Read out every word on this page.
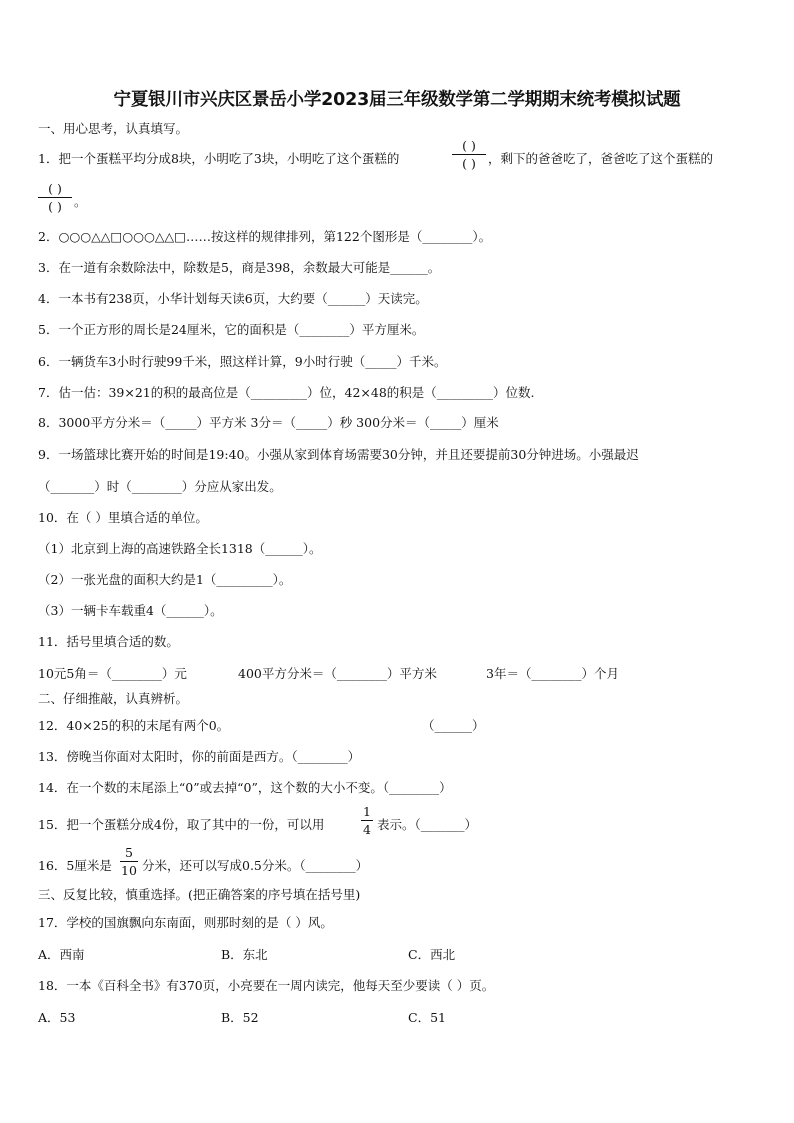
宁夏银川市兴庆区景岳小学2023届三年级数学第二学期期末统考模拟试题
一、用心思考，认真填写。
1．把一个蛋糕平均分成8块，小明吃了3块，小明吃了这个蛋糕的
( )
( ) ，剩下的爸爸吃了，爸爸吃了这个蛋糕的
( )
( ) 。
2．○○○△△□○○○△△□……按这样的规律排列，第122个图形是（________）。
3．在一道有余数除法中，除数是5，商是398，余数最大可能是______。
4．一本书有238页，小华计划每天读6页，大约要（______）天读完。
5．一个正方形的周长是24厘米，它的面积是（________）平方厘米。
6．一辆货车3小时行驶99千米，照这样计算，9小时行驶（_____）千米。
7．估一估：39×21的积的最高位是（_________）位，42×48的积是（_________）位数.
8．3000平方分米＝（_____）平方米 3分＝（_____）秒 300分米＝（_____）厘米
9．一场篮球比赛开始的时间是19:40。小强从家到体育场需要30分钟，并且还要提前30分钟进场。小强最迟
（_______）时（________）分应从家出发。
10．在（ ）里填合适的单位。
（1）北京到上海的高速铁路全长1318（______）。
（2）一张光盘的面积大约是1（_________）。
（3）一辆卡车载重4（______）。
11．括号里填合适的数。
10元5角＝（________）元	400平方分米＝（________）平方米	3年＝（________）个月
二、仔细推敲，认真辨析。
12．40×25的积的末尾有两个0。	（______）
13．傍晚当你面对太阳时，你的前面是西方。（________）
14．在一个数的末尾添上“0”或去掉“0”，这个数的大小不变。（________）
15．把一个蛋糕分成4份，取了其中的一份，可以用
1
4 表示。（_______）
16．5厘米是
5
10 分米，还可以写成0.5分米。（________）
三、反复比较，慎重选择。(把正确答案的序号填在括号里)
17．学校的国旗飘向东南面，则那时刻的是（ ）风。
A．西南	B．东北	C．西北
18．一本《百科全书》有370页，小亮要在一周内读完，他每天至少要读（ ）页。
A．53	B．52	C．51
